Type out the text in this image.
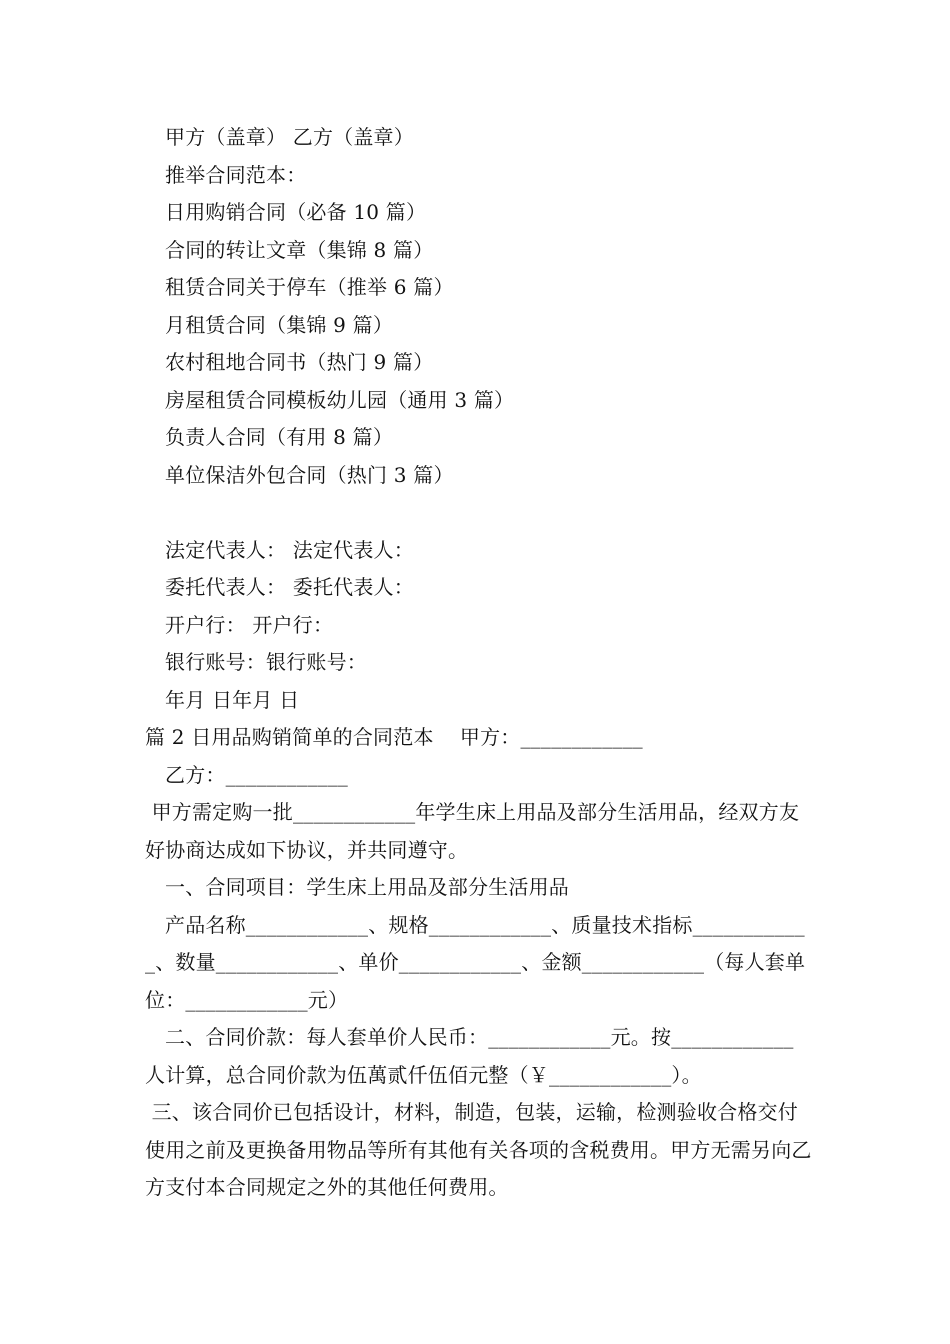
甲方（盖章） 乙方（盖章）
推举合同范本：
日用购销合同（必备 10 篇）
合同的转让文章（集锦 8 篇）
租赁合同关于停车（推举 6 篇）
月租赁合同（集锦 9 篇）
农村租地合同书（热门 9 篇）
房屋租赁合同模板幼儿园（通用 3 篇）
负责人合同（有用 8 篇）
单位保洁外包合同（热门 3 篇）
法定代表人： 法定代表人：
委托代表人： 委托代表人：
开户行： 开户行：
银行账号：银行账号：
年月 日年月 日
篇 2 日用品购销简单的合同范本    甲方：____________
乙方：____________
甲方需定购一批____________年学生床上用品及部分生活用品，经双方友好协商达成如下协议，并共同遵守。
一、合同项目：学生床上用品及部分生活用品
产品名称____________、规格____________、质量技术指标____________、数量____________、单价____________、金额____________（每人套单位：____________元）
二、合同价款：每人套单价人民币：____________元。按____________人计算，总合同价款为伍萬贰仟伍佰元整（￥____________）。
三、该合同价已包括设计，材料，制造，包装，运输，检测验收合格交付使用之前及更换备用物品等所有其他有关各项的含税费用。甲方无需另向乙方支付本合同规定之外的其他任何费用。
